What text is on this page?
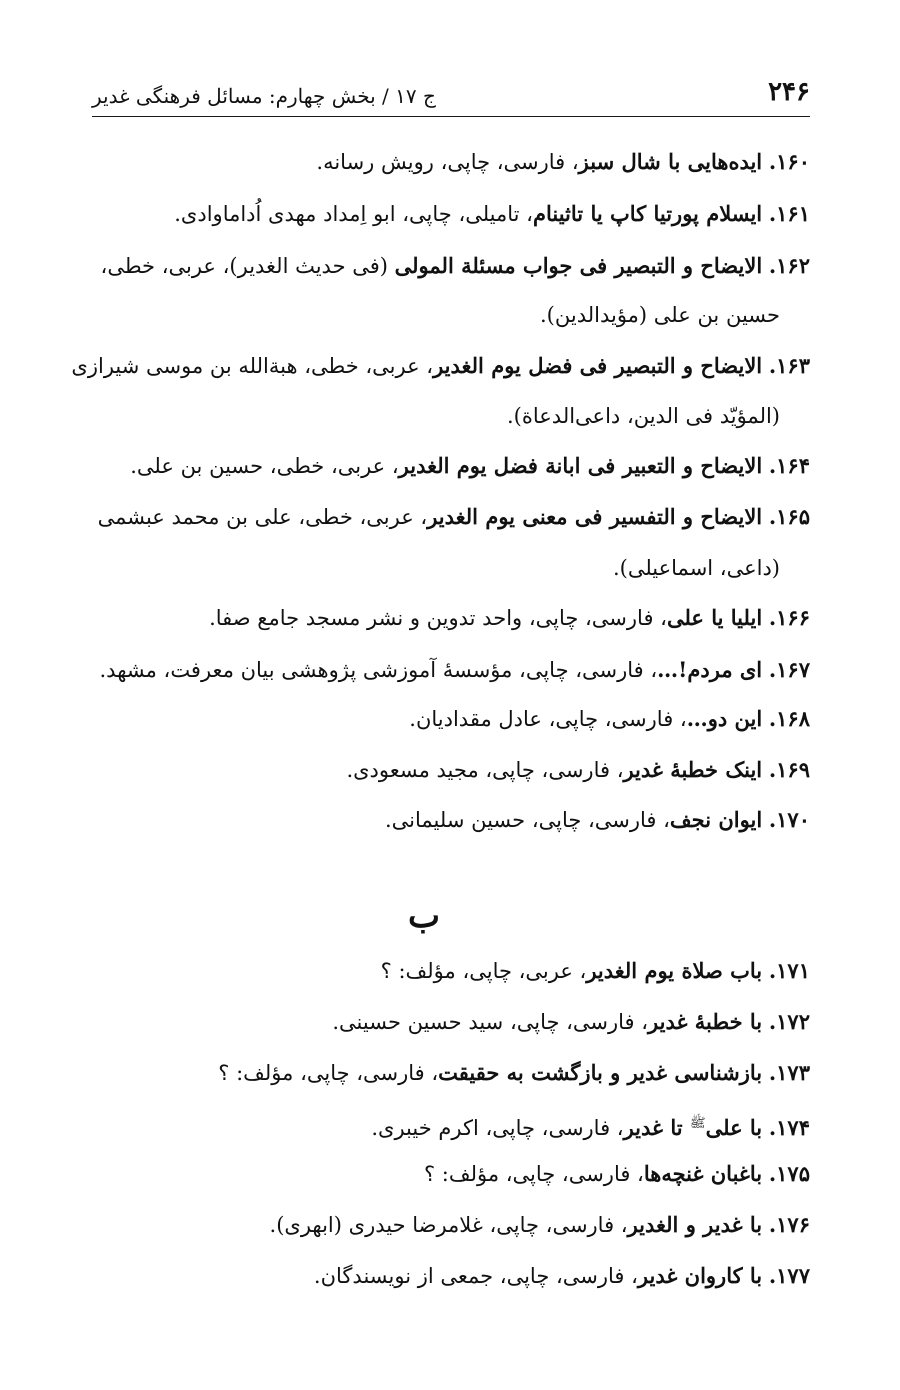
۲۴۶
ج ۱۷ / بخش چهارم: مسائل فرهنگی غدیر
۱۶۰. ایده‌هایی با شال سبز، فارسی، چاپی، رویش رسانه.
۱۶۱. ایسلام پورتیا کاپ یا تاثینام، تامیلی، چاپی، ابو اِمداد مهدی اُداماوادی.
۱۶۲. الایضاح و التبصیر فی جواب مسئلة المولی (فی حدیث الغدیر)، عربی، خطی،
حسین بن علی (مؤیدالدین).
۱۶۳. الایضاح و التبصیر فی فضل یوم الغدیر، عربی، خطی، هبةالله بن موسی شیرازی
(المؤیّد فی الدین، داعی‌الدعاة).
۱۶۴. الایضاح و التعبیر فی ابانة فضل یوم الغدیر، عربی، خطی، حسین بن علی.
۱۶۵. الایضاح و التفسیر فی معنی یوم الغدیر، عربی، خطی، علی بن محمد عبشمی
(داعی، اسماعیلی).
۱۶۶. ایلیا یا علی، فارسی، چاپی، واحد تدوین و نشر مسجد جامع صفا.
۱۶۷. ای مردم!…، فارسی، چاپی، مؤسسهٔ آموزشی پژوهشی بیان معرفت، مشهد.
۱۶۸. این دو…، فارسی، چاپی، عادل مقدادیان.
۱۶۹. اینک خطبهٔ غدیر، فارسی، چاپی، مجید مسعودی.
۱۷۰. ایوان نجف، فارسی، چاپی، حسین سلیمانی.
ب
۱۷۱. باب صلاة یوم الغدیر، عربی، چاپی، مؤلف: ؟
۱۷۲. با خطبهٔ غدیر، فارسی، چاپی، سید حسین حسینی.
۱۷۳. بازشناسی غدیر و بازگشت به حقیقت، فارسی، چاپی، مؤلف: ؟
۱۷۴. با علی$^ﷺ$ تا غدیر، فارسی، چاپی، اکرم خیبری.
۱۷۵. باغبان غنچه‌ها، فارسی، چاپی، مؤلف: ؟
۱۷۶. با غدیر و الغدیر، فارسی، چاپی، غلامرضا حیدری (ابهری).
۱۷۷. با کاروان غدیر، فارسی، چاپی، جمعی از نویسندگان.
